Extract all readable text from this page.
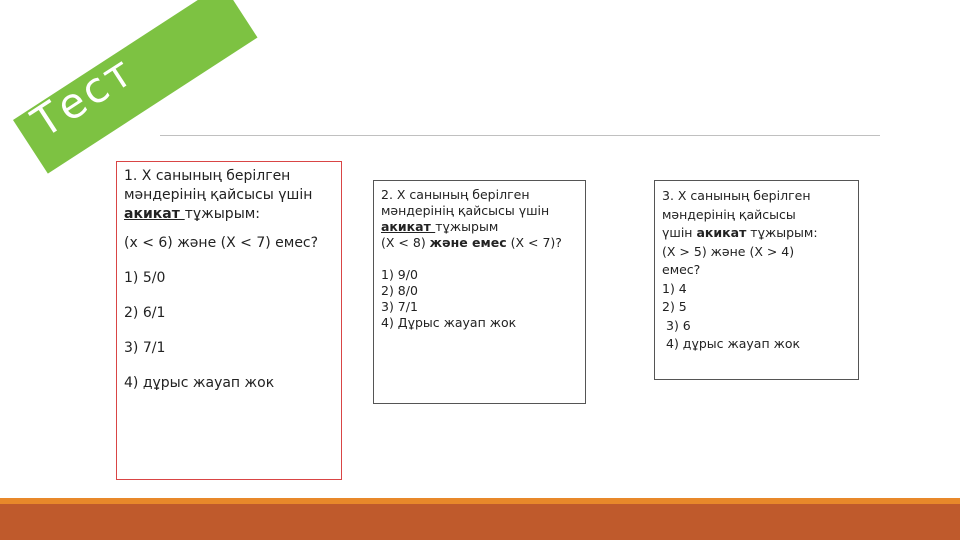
Тест

1. Х санының берілген мәндерінің қайсысы үшін акикат тұжырым:

(x < 6) және (X < 7) емес?

1) 5/0

2) 6/1

3) 7/1

4) дұрыс жауап жок

2. Х санының берілген
мәндерінің қайсысы үшін
акикат тұжырым
(X < 8) және емес (X < 7)?
1) 9/0
2) 8/0
3) 7/1
4) Дұрыс жауап жок
3. Х санының берілген
мәндерінің қайсысы
үшін акикат тұжырым:
(X > 5) және (X > 4)
емес?
1) 4
2) 5
3) 6
4) дұрыс жауап жок
